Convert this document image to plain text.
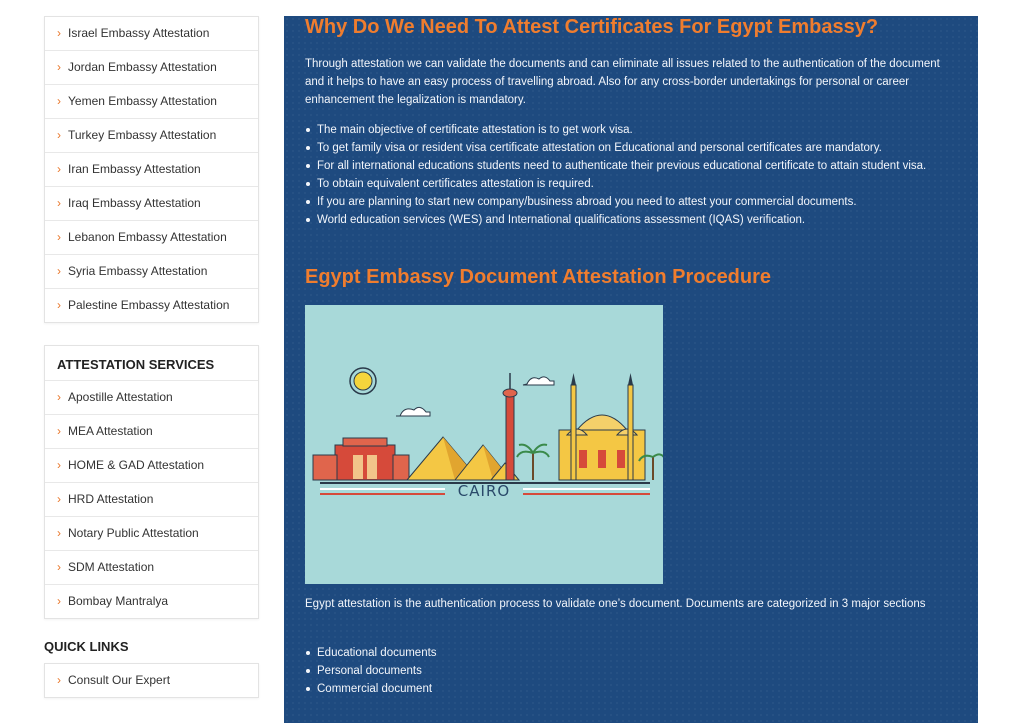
› Israel Embassy Attestation
› Jordan Embassy Attestation
› Yemen Embassy Attestation
› Turkey Embassy Attestation
› Iran Embassy Attestation
› Iraq Embassy Attestation
› Lebanon Embassy Attestation
› Syria Embassy Attestation
› Palestine Embassy Attestation
ATTESTATION SERVICES
› Apostille Attestation
› MEA Attestation
› HOME & GAD Attestation
› HRD Attestation
› Notary Public Attestation
› SDM Attestation
› Bombay Mantralya
QUICK LINKS
› Consult Our Expert
Why Do We Need To Attest Certificates For Egypt Embassy?

Through attestation we can validate the documents and can eliminate all issues related to the authentication of the document and it helps to have an easy process of travelling abroad. Also for any cross-border undertakings for personal or career enhancement the legalization is mandatory.

The main objective of certificate attestation is to get work visa.
To get family visa or resident visa certificate attestation on Educational and personal certificates are mandatory.
For all international educations students need to authenticate their previous educational certificate to attain student visa.
To obtain equivalent certificates attestation is required.
If you are planning to start new company/business abroad you need to attest your commercial documents.
World education services (WES) and International qualifications assessment (IQAS) verification.
Egypt Embassy Document Attestation Procedure
CAIRO

Egypt attestation is the authentication process to validate one’s document. Documents are categorized in 3 major sections

Educational documents
Personal documents
Commercial document
